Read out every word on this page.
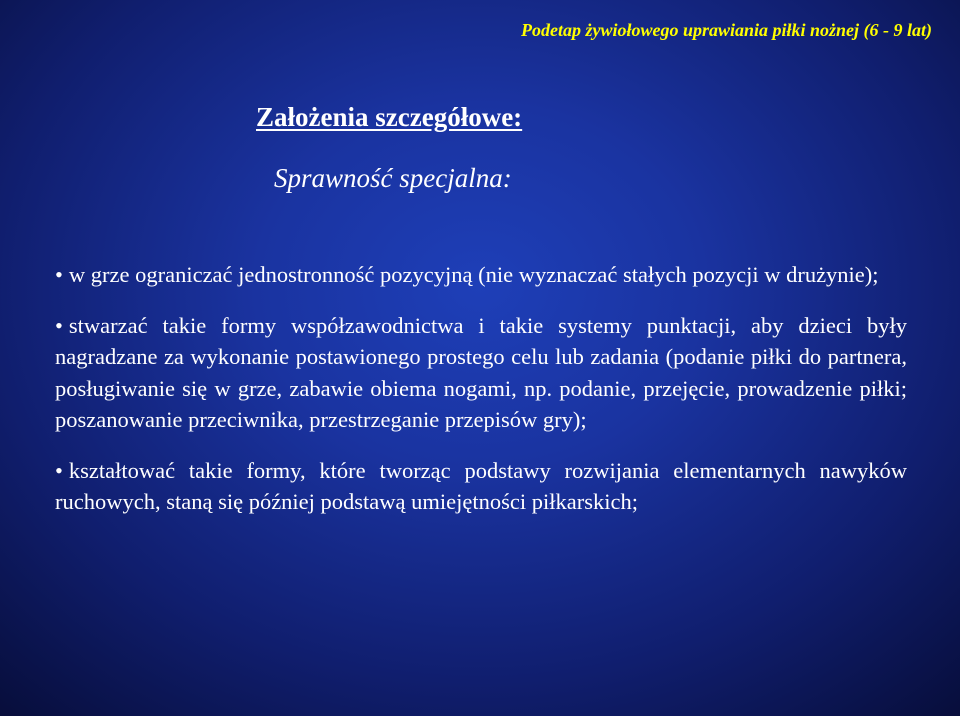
Podetap żywiołowego uprawiania piłki nożnej (6 - 9 lat)
Założenia szczegółowe:
Sprawność specjalna:
• w grze ograniczać jednostronność pozycyjną (nie wyznaczać stałych pozycji w drużynie);
• stwarzać takie formy współzawodnictwa i takie systemy punktacji, aby dzieci były nagradzane za wykonanie postawionego prostego celu lub zadania (podanie piłki do partnera, posługiwanie się w grze, zabawie obiema nogami, np. podanie, przejęcie, prowadzenie piłki; poszanowanie przeciwnika, przestrzeganie przepisów gry);
• kształtować takie formy, które tworząc podstawy rozwijania elementarnych nawyków ruchowych, staną się później podstawą umiejętności piłkarskich;
